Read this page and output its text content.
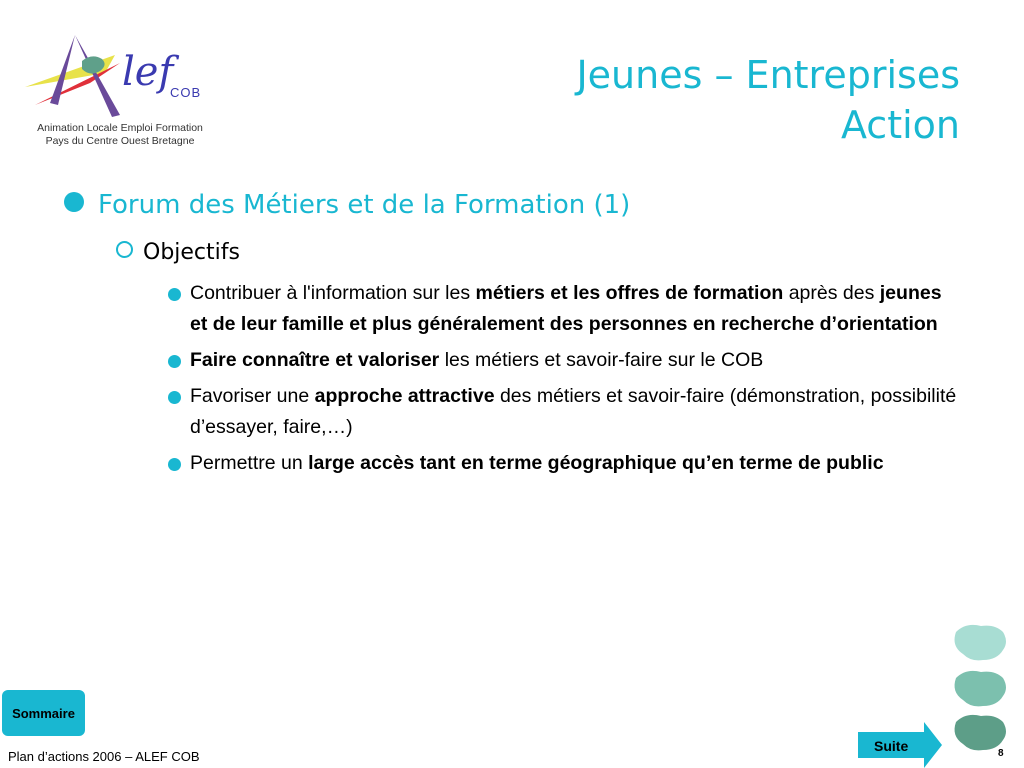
lef
COB
Animation Locale Emploi Formation
Pays du Centre Ouest Bretagne
Jeunes – Entreprises
Action
Forum des Métiers et de la Formation (1)
Objectifs
Contribuer à l'information sur les métiers et les offres de formation après des jeunes et de leur famille et plus généralement des personnes en recherche d’orientation
Faire connaître et valoriser les métiers et savoir-faire sur le COB
Favoriser une approche attractive des métiers et savoir-faire (démonstration, possibilité d’essayer, faire,…)
Permettre un large accès tant en terme géographique qu’en terme de public
Sommaire
Plan d’actions 2006 – ALEF COB	8
Suite
